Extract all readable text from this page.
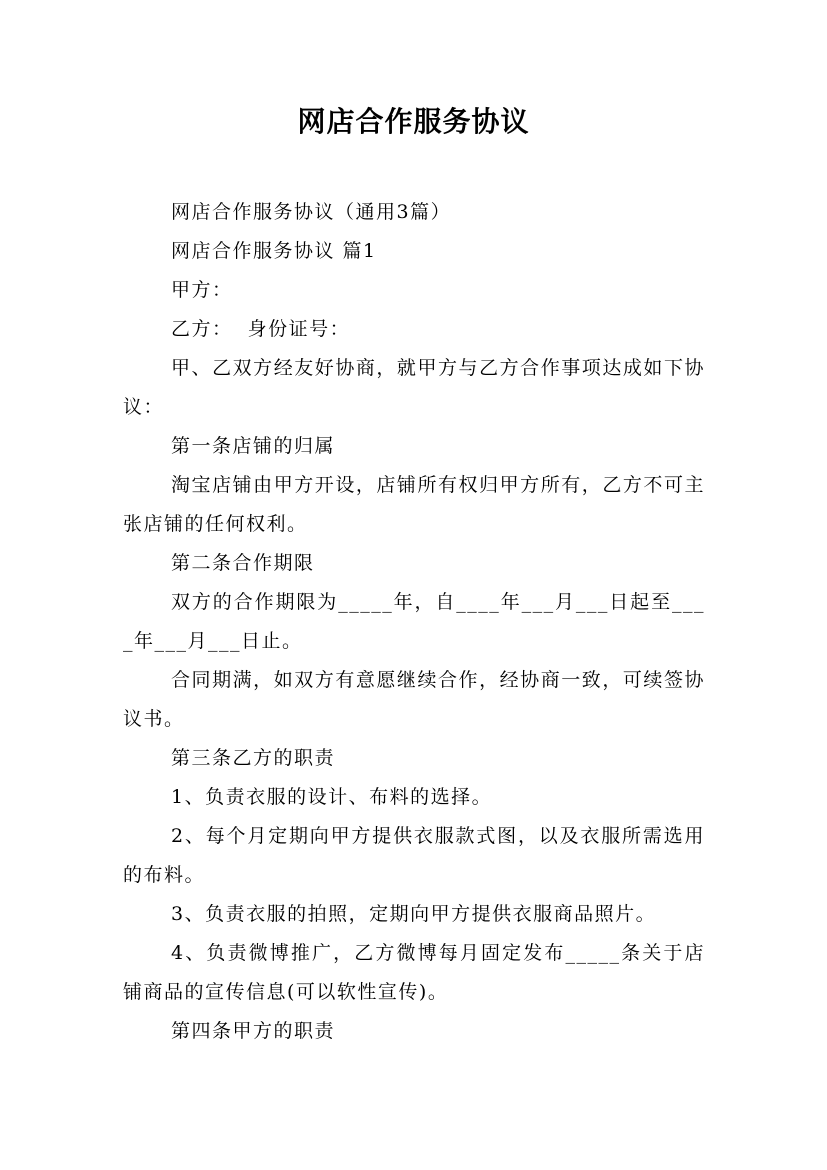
网店合作服务协议

网店合作服务协议（通用3篇）

网店合作服务协议 篇1

甲方：

乙方：  身份证号：

甲、乙双方经友好协商，就甲方与乙方合作事项达成如下协议：

第一条店铺的归属

淘宝店铺由甲方开设，店铺所有权归甲方所有，乙方不可主张店铺的任何权利。

第二条合作期限

双方的合作期限为_____年，自____年___月___日起至____年___月___日止。

合同期满，如双方有意愿继续合作，经协商一致，可续签协议书。

第三条乙方的职责

1、负责衣服的设计、布料的选择。

2、每个月定期向甲方提供衣服款式图，以及衣服所需选用的布料。

3、负责衣服的拍照，定期向甲方提供衣服商品照片。

4、负责微博推广，乙方微博每月固定发布_____条关于店铺商品的宣传信息(可以软性宣传)。

第四条甲方的职责
